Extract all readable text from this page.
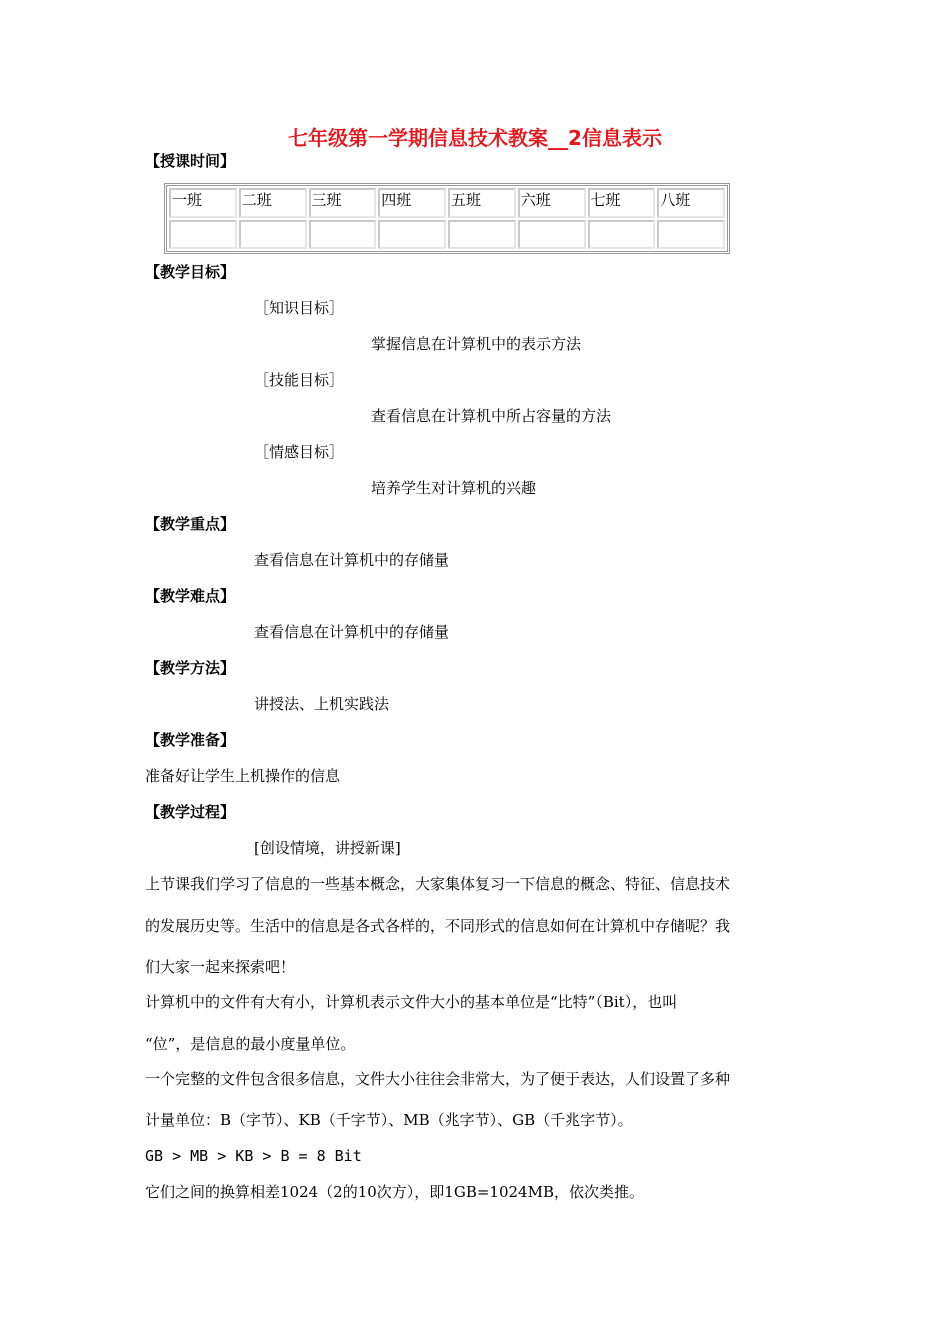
七年级第一学期信息技术教案__2信息表示
【授课时间】
一班	二班	三班	四班	五班	六班	七班	八班
【教学目标】
［知识目标］
掌握信息在计算机中的表示方法
［技能目标］
查看信息在计算机中所占容量的方法
［情感目标］
培养学生对计算机的兴趣
【教学重点】
查看信息在计算机中的存储量
【教学难点】
查看信息在计算机中的存储量
【教学方法】
讲授法、上机实践法
【教学准备】
准备好让学生上机操作的信息
【教学过程】
[创设情境，讲授新课]
上节课我们学习了信息的一些基本概念，大家集体复习一下信息的概念、特征、信息技术
的发展历史等。生活中的信息是各式各样的，不同形式的信息如何在计算机中存储呢？我
们大家一起来探索吧！
计算机中的文件有大有小，计算机表示文件大小的基本单位是“比特”（Bit），也叫
“位”，是信息的最小度量单位。
一个完整的文件包含很多信息，文件大小往往会非常大，为了便于表达，人们设置了多种
计量单位：B（字节）、KB（千字节）、MB（兆字节）、GB（千兆字节）。
GB > MB > KB > B = 8 Bit
它们之间的换算相差1024（2的10次方），即1GB=1024MB，依次类推。
